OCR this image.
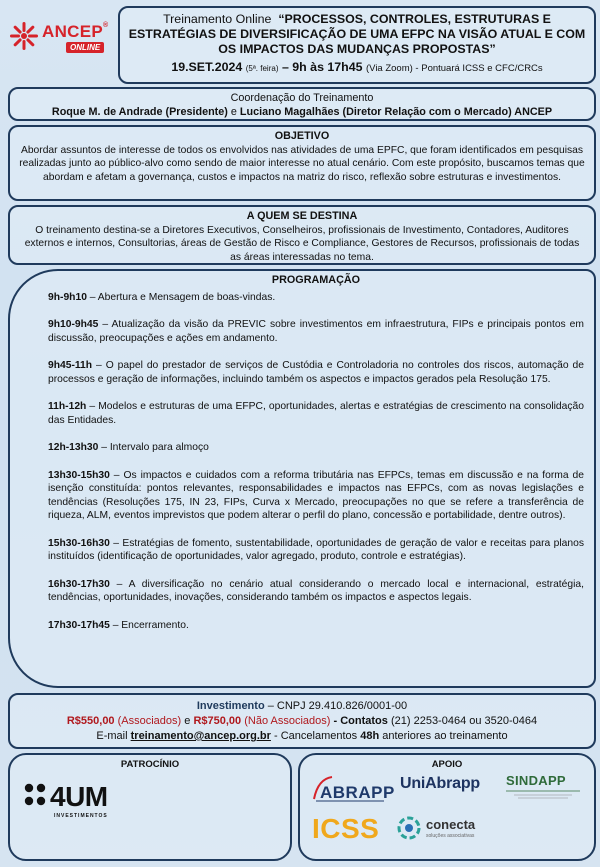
ANCEP®
ONLINE
Treinamento Online “PROCESSOS, CONTROLES, ESTRUTURAS E ESTRATÉGIAS DE DIVERSIFICAÇÃO DE UMA EFPC NA VISÃO ATUAL E COM OS IMPACTOS DAS MUDANÇAS PROPOSTAS”
19.SET.2024 (5ª. feira) – 9h às 17h45 (Via Zoom) - Pontuará ICSS e CFC/CRCs
Coordenação do Treinamento
Roque M. de Andrade (Presidente) e Luciano Magalhães (Diretor Relação com o Mercado) ANCEP
OBJETIVO
Abordar assuntos de interesse de todos os envolvidos nas atividades de uma EPFC, que foram identificados em pesquisas realizadas junto ao público-alvo como sendo de maior interesse no atual cenário. Com este propósito, buscamos temas que abordam e afetam a governança, custos e impactos na matriz do risco, reflexão sobre estruturas e investimentos.
A QUEM SE DESTINA
O treinamento destina-se a Diretores Executivos, Conselheiros, profissionais de Investimento, Contadores, Auditores externos e internos, Consultorias, áreas de Gestão de Risco e Compliance, Gestores de Recursos, profissionais de todas as áreas interessadas no tema.
PROGRAMAÇÃO
9h-9h10 – Abertura e Mensagem de boas-vindas.
9h10-9h45 – Atualização da visão da PREVIC sobre investimentos em infraestrutura, FIPs e principais pontos em discussão, preocupações e ações em andamento.
9h45-11h – O papel do prestador de serviços de Custódia e Controladoria no controles dos riscos, automação de processos e geração de informações, incluindo também os aspectos e impactos gerados pela Resolução 175.
11h-12h – Modelos e estruturas de uma EFPC, oportunidades, alertas e estratégias de crescimento na consolidação das Entidades.
12h-13h30 – Intervalo para almoço
13h30-15h30 – Os impactos e cuidados com a reforma tributária nas EFPCs, temas em discussão e na forma de isenção constituída: pontos relevantes, responsabilidades e impactos nas EFPCs, com as novas legislações e tendências (Resoluções 175, IN 23, FIPs, Curva x Mercado, preocupações no que se refere a transferência de riqueza, ALM, eventos imprevistos que podem alterar o perfil do plano, concessão e portabilidade, dentre outros).
15h30-16h30 – Estratégias de fomento, sustentabilidade, oportunidades de geração de valor e receitas para planos instituídos (identificação de oportunidades, valor agregado, produto, controle e estratégias).
16h30-17h30 – A diversificação no cenário atual considerando o mercado local e internacional, estratégia, tendências, oportunidades, inovações, considerando também os impactos e aspectos legais.
17h30-17h45 – Encerramento.
Investimento – CNPJ 29.410.826/0001-00
R$550,00 (Associados) e R$750,00 (Não Associados) - Contatos (21) 2253-0464 ou 3520-0464
E-mail treinamento@ancep.org.br - Cancelamentos 48h anteriores ao treinamento
PATROCÍNIO
4UM
INVESTIMENTOS
APOIO
ABRAPP UniAbrapp	SINDAPP
ICSS	conecta
soluções associativas
